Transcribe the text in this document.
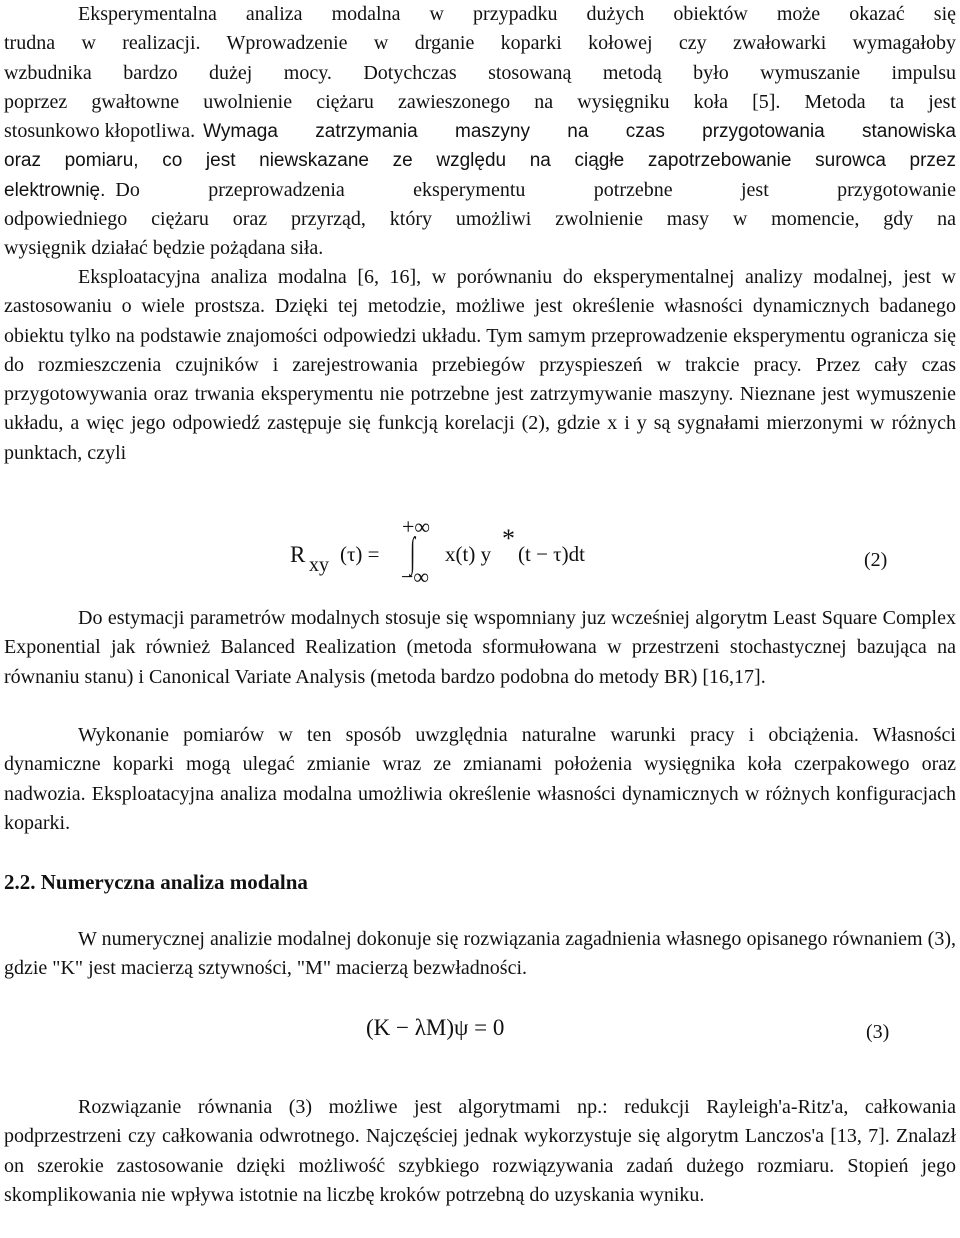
Eksperymentalna analiza modalna w przypadku dużych obiektów może okazać się
trudna w realizacji. Wprowadzenie w drganie koparki kołowej czy zwałowarki wymagałoby
wzbudnika bardzo dużej mocy. Dotychczas stosowaną metodą było wymuszanie impulsu
poprzez gwałtowne uwolnienie ciężaru zawieszonego na wysięgniku koła [5]. Metoda ta jest
stosunkowo kłopotliwa. Wymaga zatrzymania maszyny na czas przygotowania stanowiska
oraz pomiaru, co jest niewskazane ze względu na ciągłe zapotrzebowanie surowca przez
elektrownię. Do przeprowadzenia eksperymentu potrzebne jest przygotowanie
odpowiedniego ciężaru oraz przyrząd, który umożliwi zwolnienie masy w momencie, gdy na
wysięgnik działać będzie pożądana siła.

Eksploatacyjna analiza modalna [6, 16], w porównaniu do eksperymentalnej analizy modalnej, jest w zastosowaniu o wiele prostsza. Dzięki tej metodzie, możliwe jest określenie własności dynamicznych badanego obiektu tylko na podstawie znajomości odpowiedzi układu. Tym samym przeprowadzenie eksperymentu ogranicza się do rozmieszczenia czujników i zarejestrowania przebiegów przyspieszeń w trakcie pracy. Przez cały czas przygotowywania oraz trwania eksperymentu nie potrzebne jest zatrzymywanie maszyny. Nieznane jest wymuszenie układu, a więc jego odpowiedź zastępuje się funkcją korelacji (2), gdzie x i y są sygnałami mierzonymi w różnych punktach, czyli

R xy (τ) =
+∞
∫
−∞
x(t) y
*
(t − τ)dt	(2)

Do estymacji parametrów modalnych stosuje się wspomniany juz wcześniej algorytm Least Square Complex Exponential jak również Balanced Realization (metoda sformułowana w przestrzeni stochastycznej bazująca na równaniu stanu) i Canonical Variate Analysis (metoda bardzo podobna do metody BR) [16,17].

Wykonanie pomiarów w ten sposób uwzględnia naturalne warunki pracy i obciążenia. Własności dynamiczne koparki mogą ulegać zmianie wraz ze zmianami położenia wysięgnika koła czerpakowego oraz nadwozia. Eksploatacyjna analiza modalna umożliwia określenie własności dynamicznych w różnych konfiguracjach koparki.

2.2. Numeryczna analiza modalna

W numerycznej analizie modalnej dokonuje się rozwiązania zagadnienia własnego opisanego równaniem (3), gdzie "K" jest macierzą sztywności, "M" macierzą bezwładności.

(K − λM)ψ = 0	(3)

Rozwiązanie równania (3) możliwe jest algorytmami np.: redukcji Rayleigh'a-Ritz'a, całkowania podprzestrzeni czy całkowania odwrotnego. Najczęściej jednak wykorzystuje się algorytm Lanczos'a [13, 7]. Znalazł on szerokie zastosowanie dzięki możliwość szybkiego rozwiązywania zadań dużego rozmiaru. Stopień jego skomplikowania nie wpływa istotnie na liczbę kroków potrzebną do uzyskania wyniku.
